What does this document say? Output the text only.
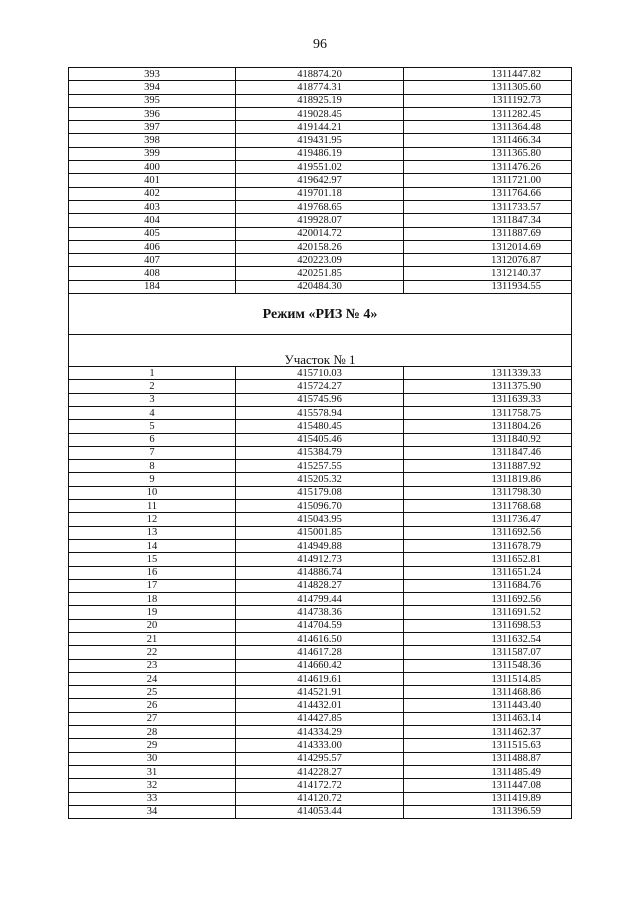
96
393	418874.20	1311447.82
394	418774.31	1311305.60
395	418925.19	1311192.73
396	419028.45	1311282.45
397	419144.21	1311364.48
398	419431.95	1311466.34
399	419486.19	1311365.80
400	419551.02	1311476.26
401	419642.97	1311721.00
402	419701.18	1311764.66
403	419768.65	1311733.57
404	419928.07	1311847.34
405	420014.72	1311887.69
406	420158.26	1312014.69
407	420223.09	1312076.87
408	420251.85	1312140.37
184	420484.30	1311934.55
Режим «РИЗ № 4»		
Участок № 1		
1	415710.03	1311339.33
2	415724.27	1311375.90
3	415745.96	1311639.33
4	415578.94	1311758.75
5	415480.45	1311804.26
6	415405.46	1311840.92
7	415384.79	1311847.46
8	415257.55	1311887.92
9	415205.32	1311819.86
10	415179.08	1311798.30
11	415096.70	1311768.68
12	415043.95	1311736.47
13	415001.85	1311692.56
14	414949.88	1311678.79
15	414912.73	1311652.81
16	414886.74	1311651.24
17	414828.27	1311684.76
18	414799.44	1311692.56
19	414738.36	1311691.52
20	414704.59	1311698.53
21	414616.50	1311632.54
22	414617.28	1311587.07
23	414660.42	1311548.36
24	414619.61	1311514.85
25	414521.91	1311468.86
26	414432.01	1311443.40
27	414427.85	1311463.14
28	414334.29	1311462.37
29	414333.00	1311515.63
30	414295.57	1311488.87
31	414228.27	1311485.49
32	414172.72	1311447.08
33	414120.72	1311419.89
34	414053.44	1311396.59
